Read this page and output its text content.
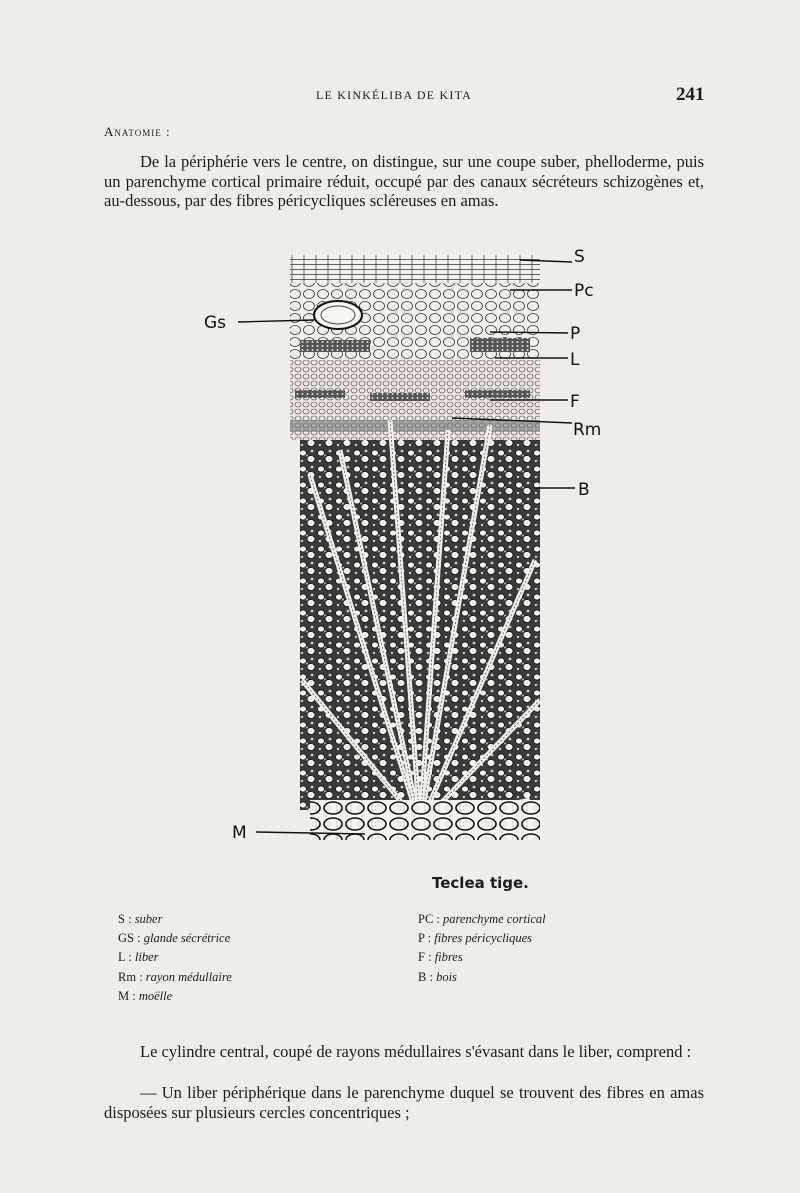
LE KINKÉLIBA DE KITA	241
Anatomie :

De la périphérie vers le centre, on distingue, sur une coupe suber, phelloderme, puis un parenchyme cortical primaire réduit, occupé par des canaux sécréteurs schizogènes et, au-dessous, par des fibres péricycliques scléreuses en amas.

S
Pc
Gs
P
L
F
Rm
B
M
Teclea tige.
S : suber
GS : glande sécrétrice
L : liber
Rm : rayon médullaire
M : moëlle
PC : parenchyme cortical
P : fibres péricycliques
F : fibres
B : bois

Le cylindre central, coupé de rayons médullaires s'évasant dans le liber, comprend :

— Un liber périphérique dans le parenchyme duquel se trouvent des fibres en amas disposées sur plusieurs cercles concentriques ;
